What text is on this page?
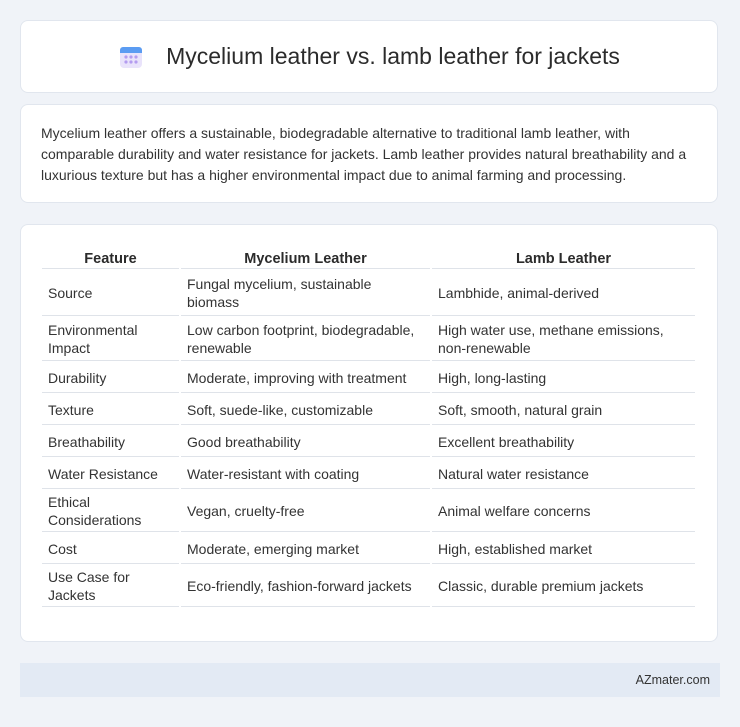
Mycelium leather vs. lamb leather for jackets

Mycelium leather offers a sustainable, biodegradable alternative to traditional lamb leather, with comparable durability and water resistance for jackets. Lamb leather provides natural breathability and a luxurious texture but has a higher environmental impact due to animal farming and processing.

Feature	Mycelium Leather	Lamb Leather
Source	Fungal mycelium, sustainable biomass	Lambhide, animal-derived
Environmental Impact	Low carbon footprint, biodegradable, renewable	High water use, methane emissions, non-renewable
Durability	Moderate, improving with treatment	High, long-lasting
Texture	Soft, suede-like, customizable	Soft, smooth, natural grain
Breathability	Good breathability	Excellent breathability
Water Resistance	Water-resistant with coating	Natural water resistance
Ethical Considerations	Vegan, cruelty-free	Animal welfare concerns
Cost	Moderate, emerging market	High, established market
Use Case for Jackets	Eco-friendly, fashion-forward jackets	Classic, durable premium jackets
AZmater.com
